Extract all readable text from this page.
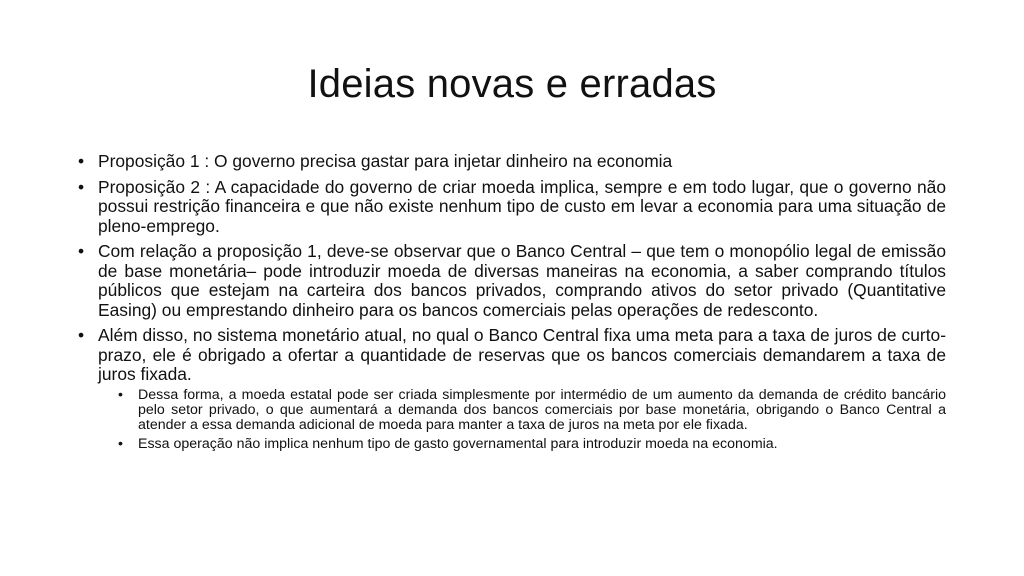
Ideias novas e erradas
• Proposição 1 : O governo precisa gastar para injetar dinheiro na economia
• Proposição 2 : A capacidade do governo de criar moeda implica, sempre e em todo lugar, que o governo não possui restrição financeira e que não existe nenhum tipo de custo em levar a economia para uma situação de pleno-emprego.
• Com relação a proposição 1, deve-se observar que o Banco Central – que tem o monopólio legal de emissão de base monetária– pode introduzir moeda de diversas maneiras na economia, a saber comprando títulos públicos que estejam na carteira dos bancos privados, comprando ativos do setor privado (Quantitative Easing) ou emprestando dinheiro para os bancos comerciais pelas operações de redesconto.
• Além disso, no sistema monetário atual, no qual o Banco Central fixa uma meta para a taxa de juros de curto-prazo, ele é obrigado a ofertar a quantidade de reservas que os bancos comerciais demandarem a taxa de juros fixada.
• Dessa forma, a moeda estatal pode ser criada simplesmente por intermédio de um aumento da demanda de crédito bancário pelo setor privado, o que aumentará a demanda dos bancos comerciais por base monetária, obrigando o Banco Central a atender a essa demanda adicional de moeda para manter a taxa de juros na meta por ele fixada.
• Essa operação não implica nenhum tipo de gasto governamental para introduzir moeda na economia.
